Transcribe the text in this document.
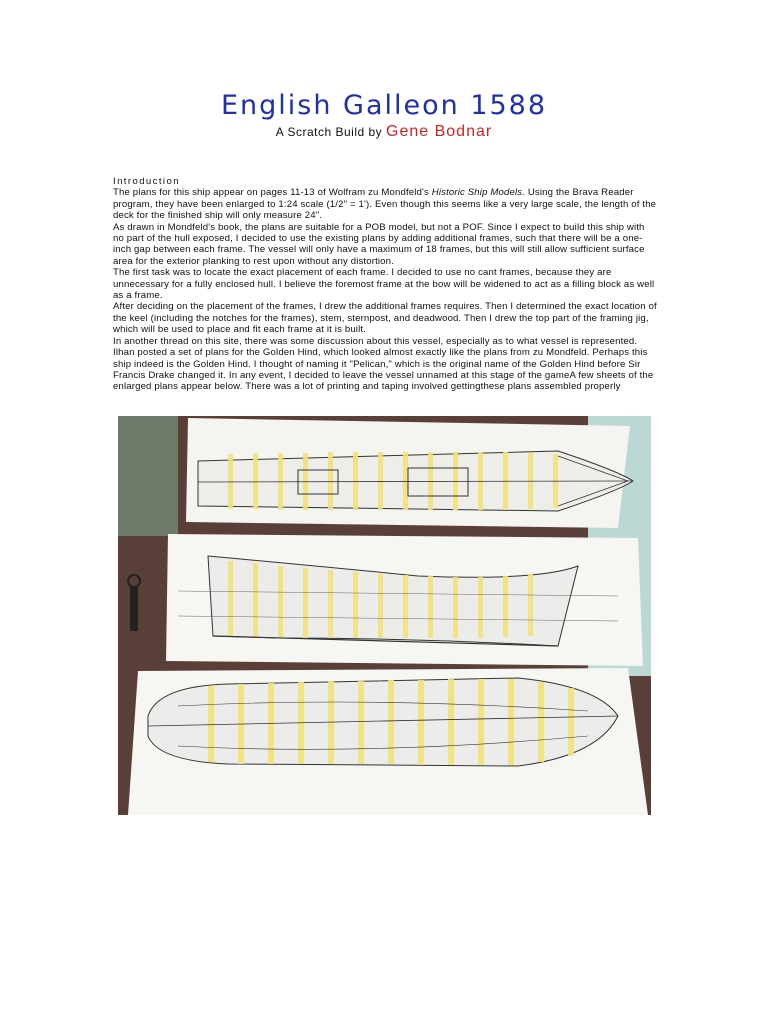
English Galleon 1588
A Scratch Build by Gene Bodnar

Introduction

The plans for this ship appear on pages 11-13 of Wolfram zu Mondfeld's Historic Ship Models. Using the Brava Reader program, they have been enlarged to 1:24 scale (1/2" = 1'). Even though this seems like a very large scale, the length of the deck for the finished ship will only measure 24".

As drawn in Mondfeld's book, the plans are suitable for a POB model, but not a POF. Since I expect to build this ship with no part of the hull exposed, I decided to use the existing plans by adding additional frames, such that there will be a one-inch gap between each frame. The vessel will only have a maximum of 18 frames, but this will still allow sufficient surface area for the exterior planking to rest upon without any distortion.

The first task was to locate the exact placement of each frame. I decided to use no cant frames, because they are unnecessary for a fully enclosed hull. I believe the foremost frame at the bow will be widened to act as a filling block as well as a frame.

After deciding on the placement of the frames, I drew the additional frames requires. Then I determined the exact location of the keel (including the notches for the frames), stem, sternpost, and deadwood. Then I drew the top part of the framing jig, which will be used to place and fit each frame at it is built.

In another thread on this site, there was some discussion about this vessel, especially as to what vessel is represented. Ilhan posted a set of plans for the Golden Hind, which looked almost exactly like the plans from zu Mondfeld. Perhaps this ship indeed is the Golden Hind. I thought of naming it "Pelican," which is the original name of the Golden Hind before Sir Francis Drake changed it. In any event, I decided to leave the vessel unnamed at this stage of the gameA few sheets of the enlarged plans appear below. There was a lot of printing and taping involved gettingthese plans assembled properly
